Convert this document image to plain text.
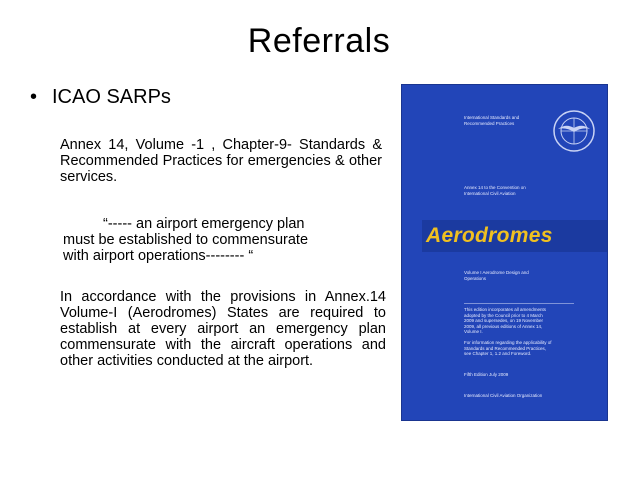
Referrals
• ICAO SARPs

Annex 14, Volume -1 , Chapter-9- Standards & Recommended Practices for emergencies & other services.

“----- an airport emergency plan
must be established to commensurate
with airport operations-------- “

In accordance with the provisions in Annex.14 Volume-I (Aerodromes) States are required to establish at every airport an emergency plan commensurate with the aircraft operations and other activities conducted at the airport.

International Standards and Recommended Practices
Annex 14 to the Convention on International Civil Aviation
Aerodromes
Volume I Aerodrome Design and Operations
This edition incorporates all amendments adopted by the Council prior to 4 March 2009 and supersedes, on 19 November 2009, all previous editions of Annex 14, Volume I.
For information regarding the applicability of Standards and Recommended Practices, see Chapter 1, 1.2 and Foreword.
Fifth Edition July 2009
International Civil Aviation Organization
